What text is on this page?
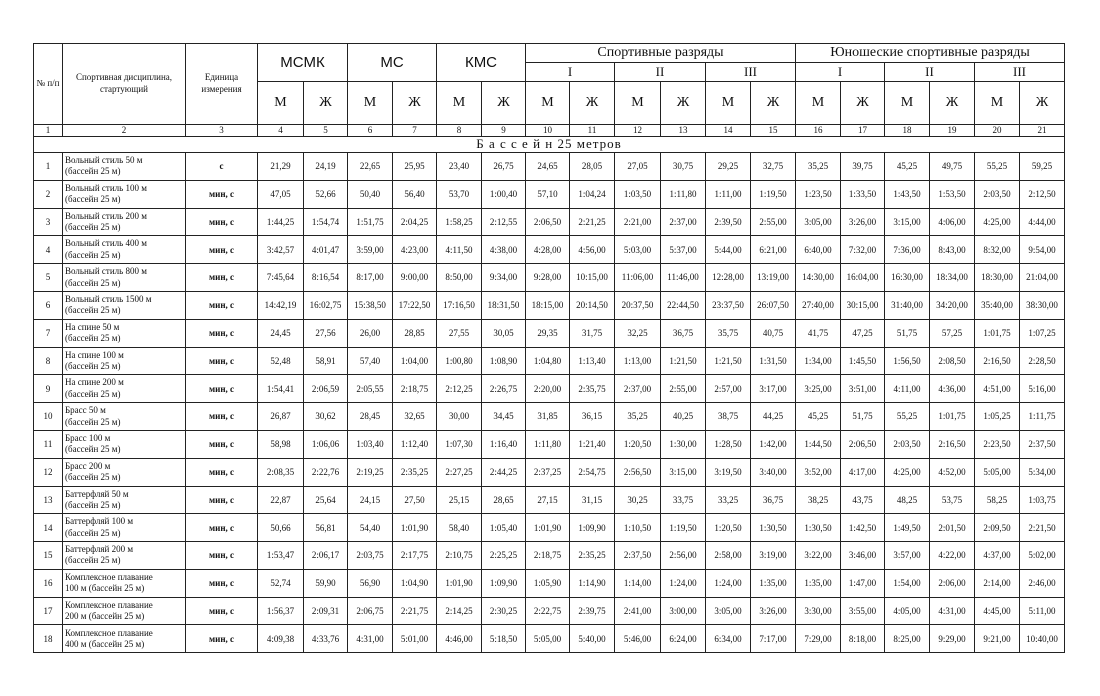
№ п/п	Спортивная дисциплина, стартующий	Единица измерения	МСМК		МС		КМС		Спортивные разряды						Юношеские спортивные разряды					
									I		II		III		I		II		III	
			М	Ж	М	Ж	М	Ж	М	Ж	М	Ж	М	Ж	М	Ж	М	Ж	М	Ж
1	2	3	4	5	6	7	8	9	10	11	12	13	14	15	16	17	18	19	20	21
Б а с с е й н 25 метров																				
1	Вольный стиль 50 м
(бассейн 25 м)	с	21,29	24,19	22,65	25,95	23,40	26,75	24,65	28,05	27,05	30,75	29,25	32,75	35,25	39,75	45,25	49,75	55,25	59,25
2	Вольный стиль 100 м
(бассейн 25 м)	мин, с	47,05	52,66	50,40	56,40	53,70	1:00,40	57,10	1:04,24	1:03,50	1:11,80	1:11,00	1:19,50	1:23,50	1:33,50	1:43,50	1:53,50	2:03,50	2:12,50
3	Вольный стиль 200 м
(бассейн 25 м)	мин, с	1:44,25	1:54,74	1:51,75	2:04,25	1:58,25	2:12,55	2:06,50	2:21,25	2:21,00	2:37,00	2:39,50	2:55,00	3:05,00	3:26,00	3:15,00	4:06,00	4:25,00	4:44,00
4	Вольный стиль 400 м
(бассейн 25 м)	мин, с	3:42,57	4:01,47	3:59,00	4:23,00	4:11,50	4:38,00	4:28,00	4:56,00	5:03,00	5:37,00	5:44,00	6:21,00	6:40,00	7:32,00	7:36,00	8:43,00	8:32,00	9:54,00
5	Вольный стиль 800 м
(бассейн 25 м)	мин, с	7:45,64	8:16,54	8:17,00	9:00,00	8:50,00	9:34,00	9:28,00	10:15,00	11:06,00	11:46,00	12:28,00	13:19,00	14:30,00	16:04,00	16:30,00	18:34,00	18:30,00	21:04,00
6	Вольный стиль 1500 м
(бассейн 25 м)	мин, с	14:42,19	16:02,75	15:38,50	17:22,50	17:16,50	18:31,50	18:15,00	20:14,50	20:37,50	22:44,50	23:37,50	26:07,50	27:40,00	30:15,00	31:40,00	34:20,00	35:40,00	38:30,00
7	На спине 50 м
(бассейн 25 м)	мин, с	24,45	27,56	26,00	28,85	27,55	30,05	29,35	31,75	32,25	36,75	35,75	40,75	41,75	47,25	51,75	57,25	1:01,75	1:07,25
8	На спине 100 м
(бассейн 25 м)	мин, с	52,48	58,91	57,40	1:04,00	1:00,80	1:08,90	1:04,80	1:13,40	1:13,00	1:21,50	1:21,50	1:31,50	1:34,00	1:45,50	1:56,50	2:08,50	2:16,50	2:28,50
9	На спине 200 м
(бассейн 25 м)	мин, с	1:54,41	2:06,59	2:05,55	2:18,75	2:12,25	2:26,75	2:20,00	2:35,75	2:37,00	2:55,00	2:57,00	3:17,00	3:25,00	3:51,00	4:11,00	4:36,00	4:51,00	5:16,00
10	Брасс 50 м
(бассейн 25 м)	мин, с	26,87	30,62	28,45	32,65	30,00	34,45	31,85	36,15	35,25	40,25	38,75	44,25	45,25	51,75	55,25	1:01,75	1:05,25	1:11,75
11	Брасс 100 м
(бассейн 25 м)	мин, с	58,98	1:06,06	1:03,40	1:12,40	1:07,30	1:16,40	1:11,80	1:21,40	1:20,50	1:30,00	1:28,50	1:42,00	1:44,50	2:06,50	2:03,50	2:16,50	2:23,50	2:37,50
12	Брасс 200 м
(бассейн 25 м)	мин, с	2:08,35	2:22,76	2:19,25	2:35,25	2:27,25	2:44,25	2:37,25	2:54,75	2:56,50	3:15,00	3:19,50	3:40,00	3:52,00	4:17,00	4:25,00	4:52,00	5:05,00	5:34,00
13	Баттерфляй 50 м
(бассейн 25 м)	мин, с	22,87	25,64	24,15	27,50	25,15	28,65	27,15	31,15	30,25	33,75	33,25	36,75	38,25	43,75	48,25	53,75	58,25	1:03,75
14	Баттерфляй 100 м
(бассейн 25 м)	мин, с	50,66	56,81	54,40	1:01,90	58,40	1:05,40	1:01,90	1:09,90	1:10,50	1:19,50	1:20,50	1:30,50	1:30,50	1:42,50	1:49,50	2:01,50	2:09,50	2:21,50
15	Баттерфляй 200 м
(бассейн 25 м)	мин, с	1:53,47	2:06,17	2:03,75	2:17,75	2:10,75	2:25,25	2:18,75	2:35,25	2:37,50	2:56,00	2:58,00	3:19,00	3:22,00	3:46,00	3:57,00	4:22,00	4:37,00	5:02,00
16	Комплексное плавание
100 м (бассейн 25 м)	мин, с	52,74	59,90	56,90	1:04,90	1:01,90	1:09,90	1:05,90	1:14,90	1:14,00	1:24,00	1:24,00	1:35,00	1:35,00	1:47,00	1:54,00	2:06,00	2:14,00	2:46,00
17	Комплексное плавание
200 м (бассейн 25 м)	мин, с	1:56,37	2:09,31	2:06,75	2:21,75	2:14,25	2:30,25	2:22,75	2:39,75	2:41,00	3:00,00	3:05,00	3:26,00	3:30,00	3:55,00	4:05,00	4:31,00	4:45,00	5:11,00
18	Комплексное плавание
400 м (бассейн 25 м)	мин, с	4:09,38	4:33,76	4:31,00	5:01,00	4:46,00	5:18,50	5:05,00	5:40,00	5:46,00	6:24,00	6:34,00	7:17,00	7:29,00	8:18,00	8:25,00	9:29,00	9:21,00	10:40,00
